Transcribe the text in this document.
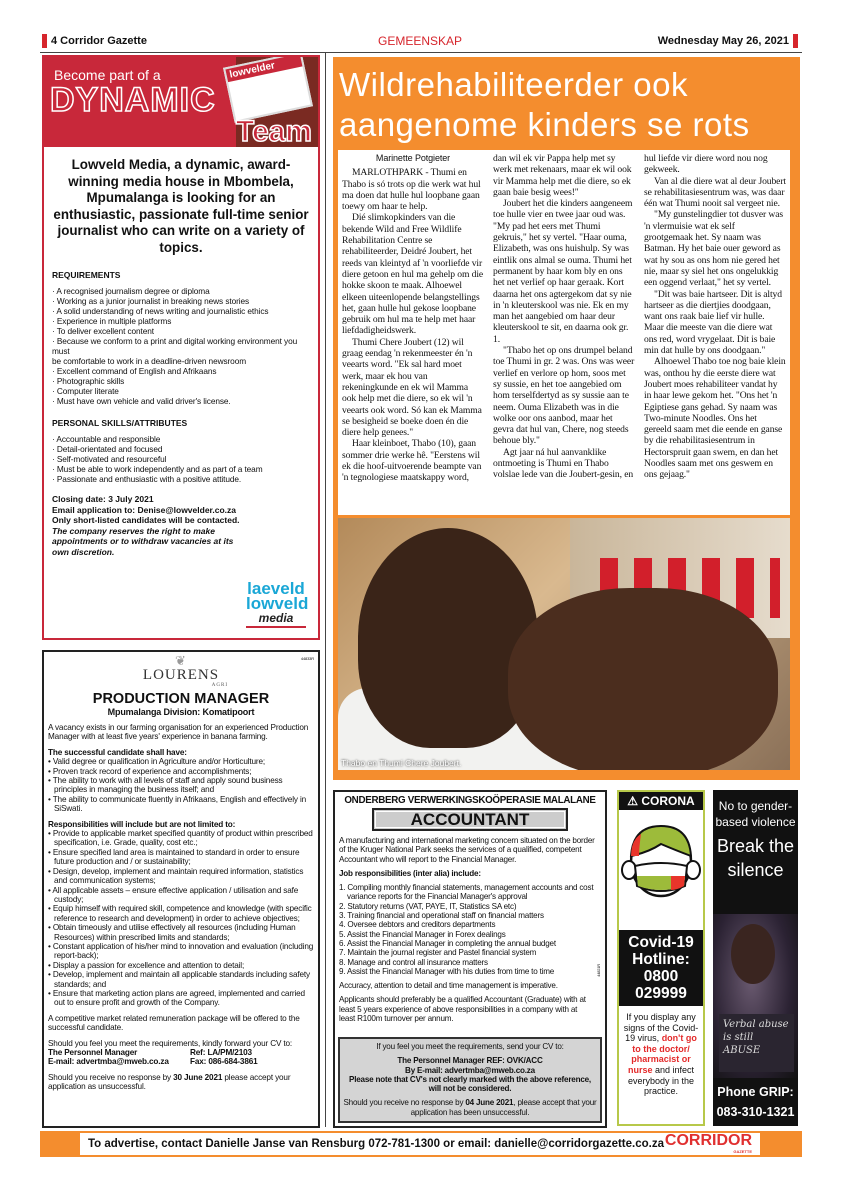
4 Corridor Gazette	GEMEENSKAP	Wednesday May 26, 2021
Become part of a
DYNAMIC
lowvelder
Team
Lowveld Media, a dynamic, award-winning media house in Mbombela, Mpumalanga is looking for an enthusiastic, passionate full-time senior journalist who can write on a variety of topics.
REQUIREMENTS
· A recognised journalism degree or diploma
· Working as a junior journalist in breaking news stories
· A solid understanding of news writing and journalistic ethics
· Experience in multiple platforms
· To deliver excellent content
· Because we conform to a print and digital working environment you must
be comfortable to work in a deadline-driven newsroom
· Excellent command of English and Afrikaans
· Photographic skills
· Computer literate
· Must have own vehicle and valid driver's license.
PERSONAL SKILLS/ATTRIBUTES
· Accountable and responsible
· Detail-orientated and focused
· Self-motivated and resourceful
· Must be able to work independently and as part of a team
· Passionate and enthusiastic with a positive attitude.
Closing date: 3 July 2021
Email application to: Denise@lowvelder.co.za
Only short-listed candidates will be contacted.
The company reserves the right to make appointments or to withdraw vacancies at its own discretion.
laeveld
lowveld
media
44833R
❦
LOURENS
AGRI
PRODUCTION MANAGER
Mpumalanga Division: Komatipoort

A vacancy exists in our farming organisation for an experienced Production Manager with at least five years' experience in banana farming.

The successful candidate shall have:

• Valid degree or qualification in Agriculture and/or Horticulture;
• Proven track record of experience and accomplishments;
• The ability to work with all levels of staff and apply sound business principles in managing the business itself; and
• The ability to communicate fluently in Afrikaans, English and effectively in SiSwati.

Responsibilities will include but are not limited to:

• Provide to applicable market specified quantity of product within prescribed specification, i.e. Grade, quality, cost etc.;
• Ensure specified land area is maintained to standard in order to ensure future production and / or sustainability;
• Design, develop, implement and maintain required information, statistics and communication systems;
• All applicable assets – ensure effective application / utilisation and safe custody;
• Equip himself with required skill, competence and knowledge (with specific reference to research and development) in order to achieve objectives;
• Obtain timeously and utilise effectively all resources (including Human Resources) within prescribed limits and standards;
• Constant application of his/her mind to innovation and evaluation (including report-back);
• Display a passion for excellence and attention to detail;
• Develop, implement and maintain all applicable standards including safety standards; and
• Ensure that marketing action plans are agreed, implemented and carried out to ensure profit and growth of the Company.

A competitive market related remuneration package will be offered to the successful candidate.

Should you feel you meet the requirements, kindly forward your CV to:

The Personnel Manager	Ref: LA/PM/2103
E-mail: advertmba@mweb.co.za	Fax: 086-684-3861

Should you receive no response by 30 June 2021 please accept your application as unsuccessful.

Wildrehabiliteerder ook aangenome kinders se rots
Marinette Potgieter

MARLOTHPARK - Thumi en Thabo is só trots op die werk wat hul ma doen dat hulle hul loopbane gaan toewy om haar te help.

Dié slimkopkinders van die bekende Wild and Free Wildlife Rehabilitation Centre se rehabiliteerder, Deidré Joubert, het reeds van kleintyd af 'n voorliefde vir diere getoon en hul ma gehelp om die hokke skoon te maak. Alhoewel elkeen uiteenlopende belangstellings het, gaan hulle hul gekose loopbane gebruik om hul ma te help met haar liefdadigheidswerk.

Thumi Chere Joubert (12) wil graag eendag 'n rekenmeester én 'n veearts word. "Ek sal hard moet werk, maar ek hou van rekeningkunde en ek wil Mamma ook help met die diere, so ek wil 'n veearts ook word. Só kan ek Mamma se besigheid se boeke doen én die diere help genees."

Haar kleinboet, Thabo (10), gaan sommer drie werke hê. "Eerstens wil ek die hoof-uitvoerende beampte van 'n tegnologiese maatskappy word, dan wil ek vir Pappa help met sy werk met rekenaars, maar ek wil ook vir Mamma help met die diere, so ek gaan baie besig wees!"

Joubert het die kinders aangeneem toe hulle vier en twee jaar oud was. "My pad het eers met Thumi gekruis," het sy vertel. "Haar ouma, Elizabeth, was ons huishulp. Sy was eintlik ons almal se ouma. Thumi het permanent by haar kom bly en ons het net verlief op haar geraak. Kort daarna het ons agtergekom dat sy nie in 'n kleuterskool was nie. Ek en my man het aangebied om haar deur kleuterskool te sit, en daarna ook gr. 1.

"Thabo het op ons drumpel beland toe Thumi in gr. 2 was. Ons was weer verlief en verlore op hom, soos met sy sussie, en het toe aangebied om hom terselfdertyd as sy sussie aan te neem. Ouma Elizabeth was in die wolke oor ons aanbod, maar het gevra dat hul van, Chere, nog steeds behoue bly."

Agt jaar ná hul aanvanklike ontmoeting is Thumi en Thabo volslae lede van die Joubert-gesin, en hul liefde vir diere word nou nog gekweek.

Van al die diere wat al deur Joubert se rehabilitasiesentrum was, was daar één wat Thumi nooit sal vergeet nie.

"My gunstelingdier tot dusver was 'n vlermuisie wat ek self grootgemaak het. Sy naam was Batman. Hy het baie ouer geword as wat hy sou as ons hom nie gered het nie, maar sy siel het ons ongelukkig een oggend verlaat," het sy vertel.

"Dit was baie hartseer. Dit is altyd hartseer as die diertjies doodgaan, want ons raak baie lief vir hulle. Maar die meeste van die diere wat ons red, word vrygelaat. Dit is baie min dat hulle by ons doodgaan."

Alhoewel Thabo toe nog baie klein was, onthou hy die eerste diere wat Joubert moes rehabiliteer vandat hy in haar lewe gekom het. "Ons het 'n Egiptiese gans gehad. Sy naam was Two-minute Noodles. Ons het gereeld saam met die eende en ganse by die rehabilitasiesentrum in Hectorspruit gaan swem, en dan het Noodles saam met ons geswem en ons gejaag."

Thabo en Thumi Chere Joubert.
ONDERBERG VERWERKINGSKOÖPERASIE MALALANE
ACCOUNTANT
44821R

A manufacturing and international marketing concern situated on the border of the Kruger National Park seeks the services of a qualified, competent Accountant who will report to the Financial Manager.

Job responsibilities (inter alia) include:

1. Compiling monthly financial statements, management accounts and cost variance reports for the Financial Manager's approval
2. Statutory returns (VAT, PAYE, IT, Statistics SA etc)
3. Training financial and operational staff on financial matters
4. Oversee debtors and creditors departments
5. Assist the Financial Manager in Forex dealings
6. Assist the Financial Manager in completing the annual budget
7. Maintain the journal register and Pastel financial system
8. Manage and control all insurance matters
9. Assist the Financial Manager with his duties from time to time

Accuracy, attention to detail and time management is imperative.

Applicants should preferably be a qualified Accountant (Graduate) with at least 5 years experience of above responsibilities in a company with at least R100m turnover per annum.

If you feel you meet the requirements, send your CV to:

The Personnel Manager REF: OVK/ACC
By E-mail: advertmba@mweb.co.za
Please note that CV's not clearly marked with the above reference, will not be considered.

Should you receive no response by 04 June 2021, please accept that your application has been unsuccessful.

⚠ CORONA
Covid-19 Hotline: 0800 029999
If you display any signs of the Covid-19 virus, don't go to the doctor/ pharmacist or nurse and infect everybody in the practice.
No to gender-based violence
Break the silence
Verbal abuse is still ABUSE
Phone GRIP:
083-310-1321
To advertise, contact Danielle Janse van Rensburg 072-781-1300 or email: danielle@corridorgazette.co.za CORRIDOR
GAZETTE
